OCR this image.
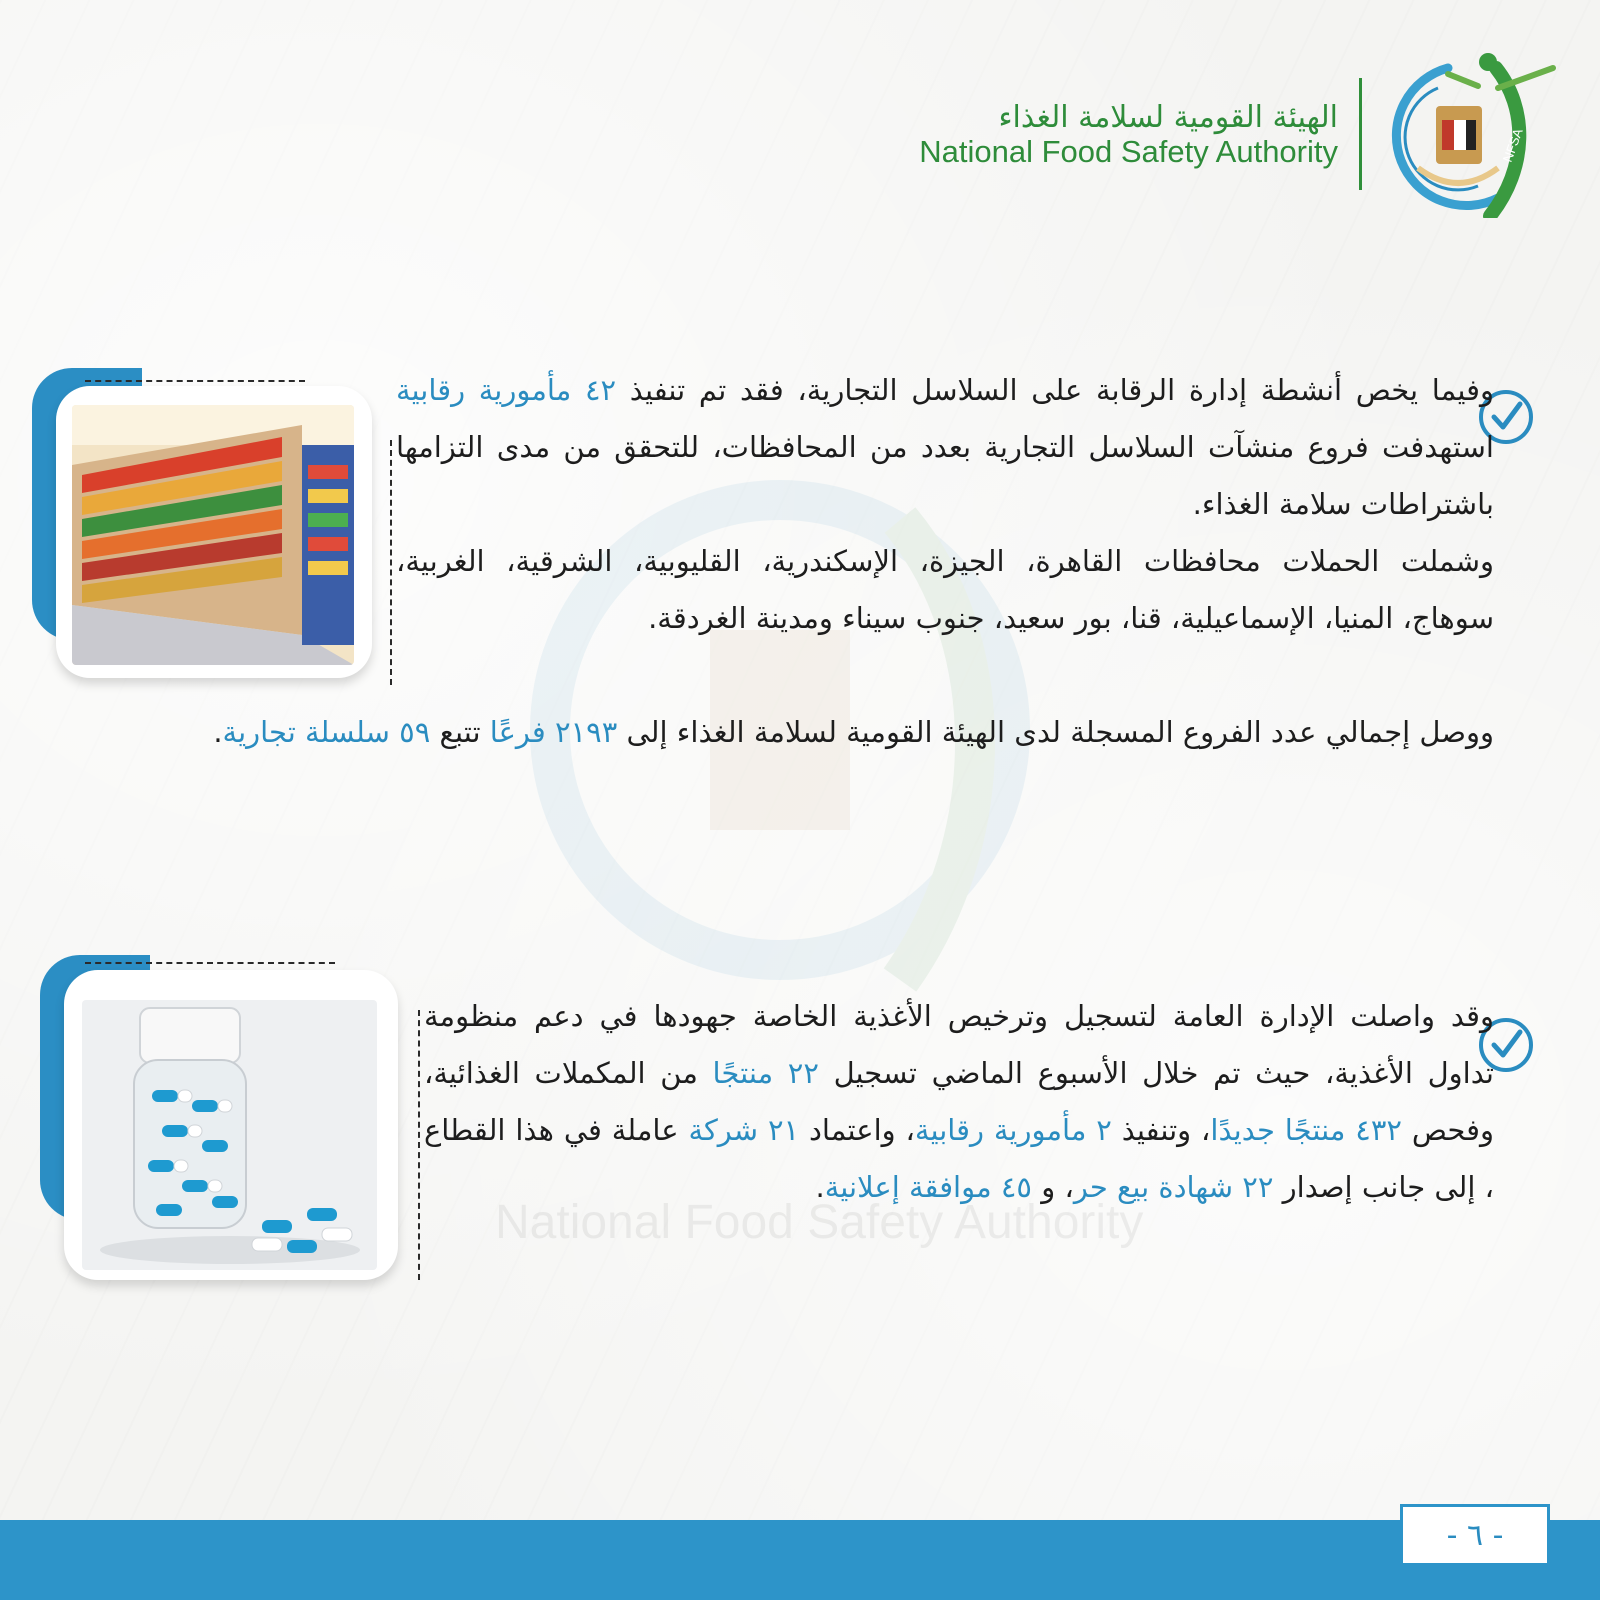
National Food Safety Authority
NFSA
الهيئة القومية لسلامة الغذاء
National Food Safety Authority

وفيما يخص أنشطة إدارة الرقابة على السلاسل التجارية، فقد تم تنفيذ ٤٢ مأمورية رقابية استهدفت فروع منشآت السلاسل التجارية بعدد من المحافظات، للتحقق من مدى التزامها باشتراطات سلامة الغذاء.

وشملت الحملات محافظات القاهرة، الجيزة، الإسكندرية، القليوبية، الشرقية، الغربية، سوهاج، المنيا، الإسماعيلية، قنا، بور سعيد، جنوب سيناء ومدينة الغردقة.

ووصل إجمالي عدد الفروع المسجلة لدى الهيئة القومية لسلامة الغذاء إلى ٢١٩٣ فرعًا تتبع ٥٩ سلسلة تجارية.

وقد واصلت الإدارة العامة لتسجيل وترخيص الأغذية الخاصة جهودها في دعم منظومة تداول الأغذية، حيث تم خلال الأسبوع الماضي تسجيل ٢٢ منتجًا من المكملات الغذائية، وفحص ٤٣٢ منتجًا جديدًا، وتنفيذ ٢ مأمورية رقابية، واعتماد ٢١ شركة عاملة في هذا القطاع ، إلى جانب إصدار ٢٢ شهادة بيع حر، و ٤٥ موافقة إعلانية.

- ٦ -
